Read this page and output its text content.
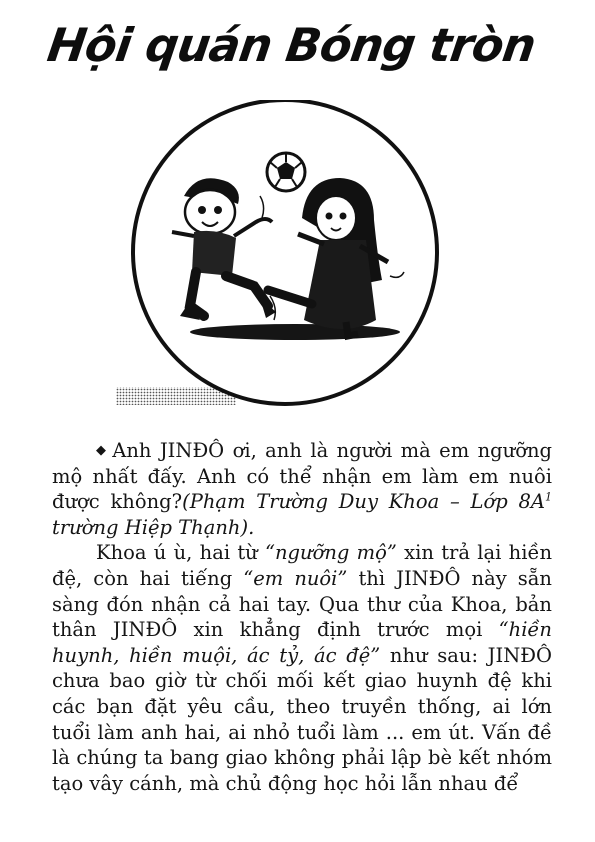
Hội quán Bóng tròn

◆ Anh JINĐÔ ơi, anh là người mà em ngưỡng mộ nhất đấy. Anh có thể nhận em làm em nuôi được không?(Phạm Trường Duy Khoa – Lớp $8A^1$ trường Hiệp Thạnh).

Khoa ú ù, hai từ “ngưỡng mộ” xin trả lại hiền đệ, còn hai tiếng “em nuôi” thì JINĐÔ này sẵn sàng đón nhận cả hai tay. Qua thư của Khoa, bản thân JINĐÔ xin khẳng định trước mọi “hiền huynh, hiền muội, ác tỷ, ác đệ” như sau: JINĐÔ chưa bao giờ từ chối mối kết giao huynh đệ khi các bạn đặt yêu cầu, theo truyền thống, ai lớn tuổi làm anh hai, ai nhỏ tuổi làm ... em út. Vấn đề là chúng ta bang giao không phải lập bè kết nhóm tạo vây cánh, mà chủ động học hỏi lẫn nhau để
